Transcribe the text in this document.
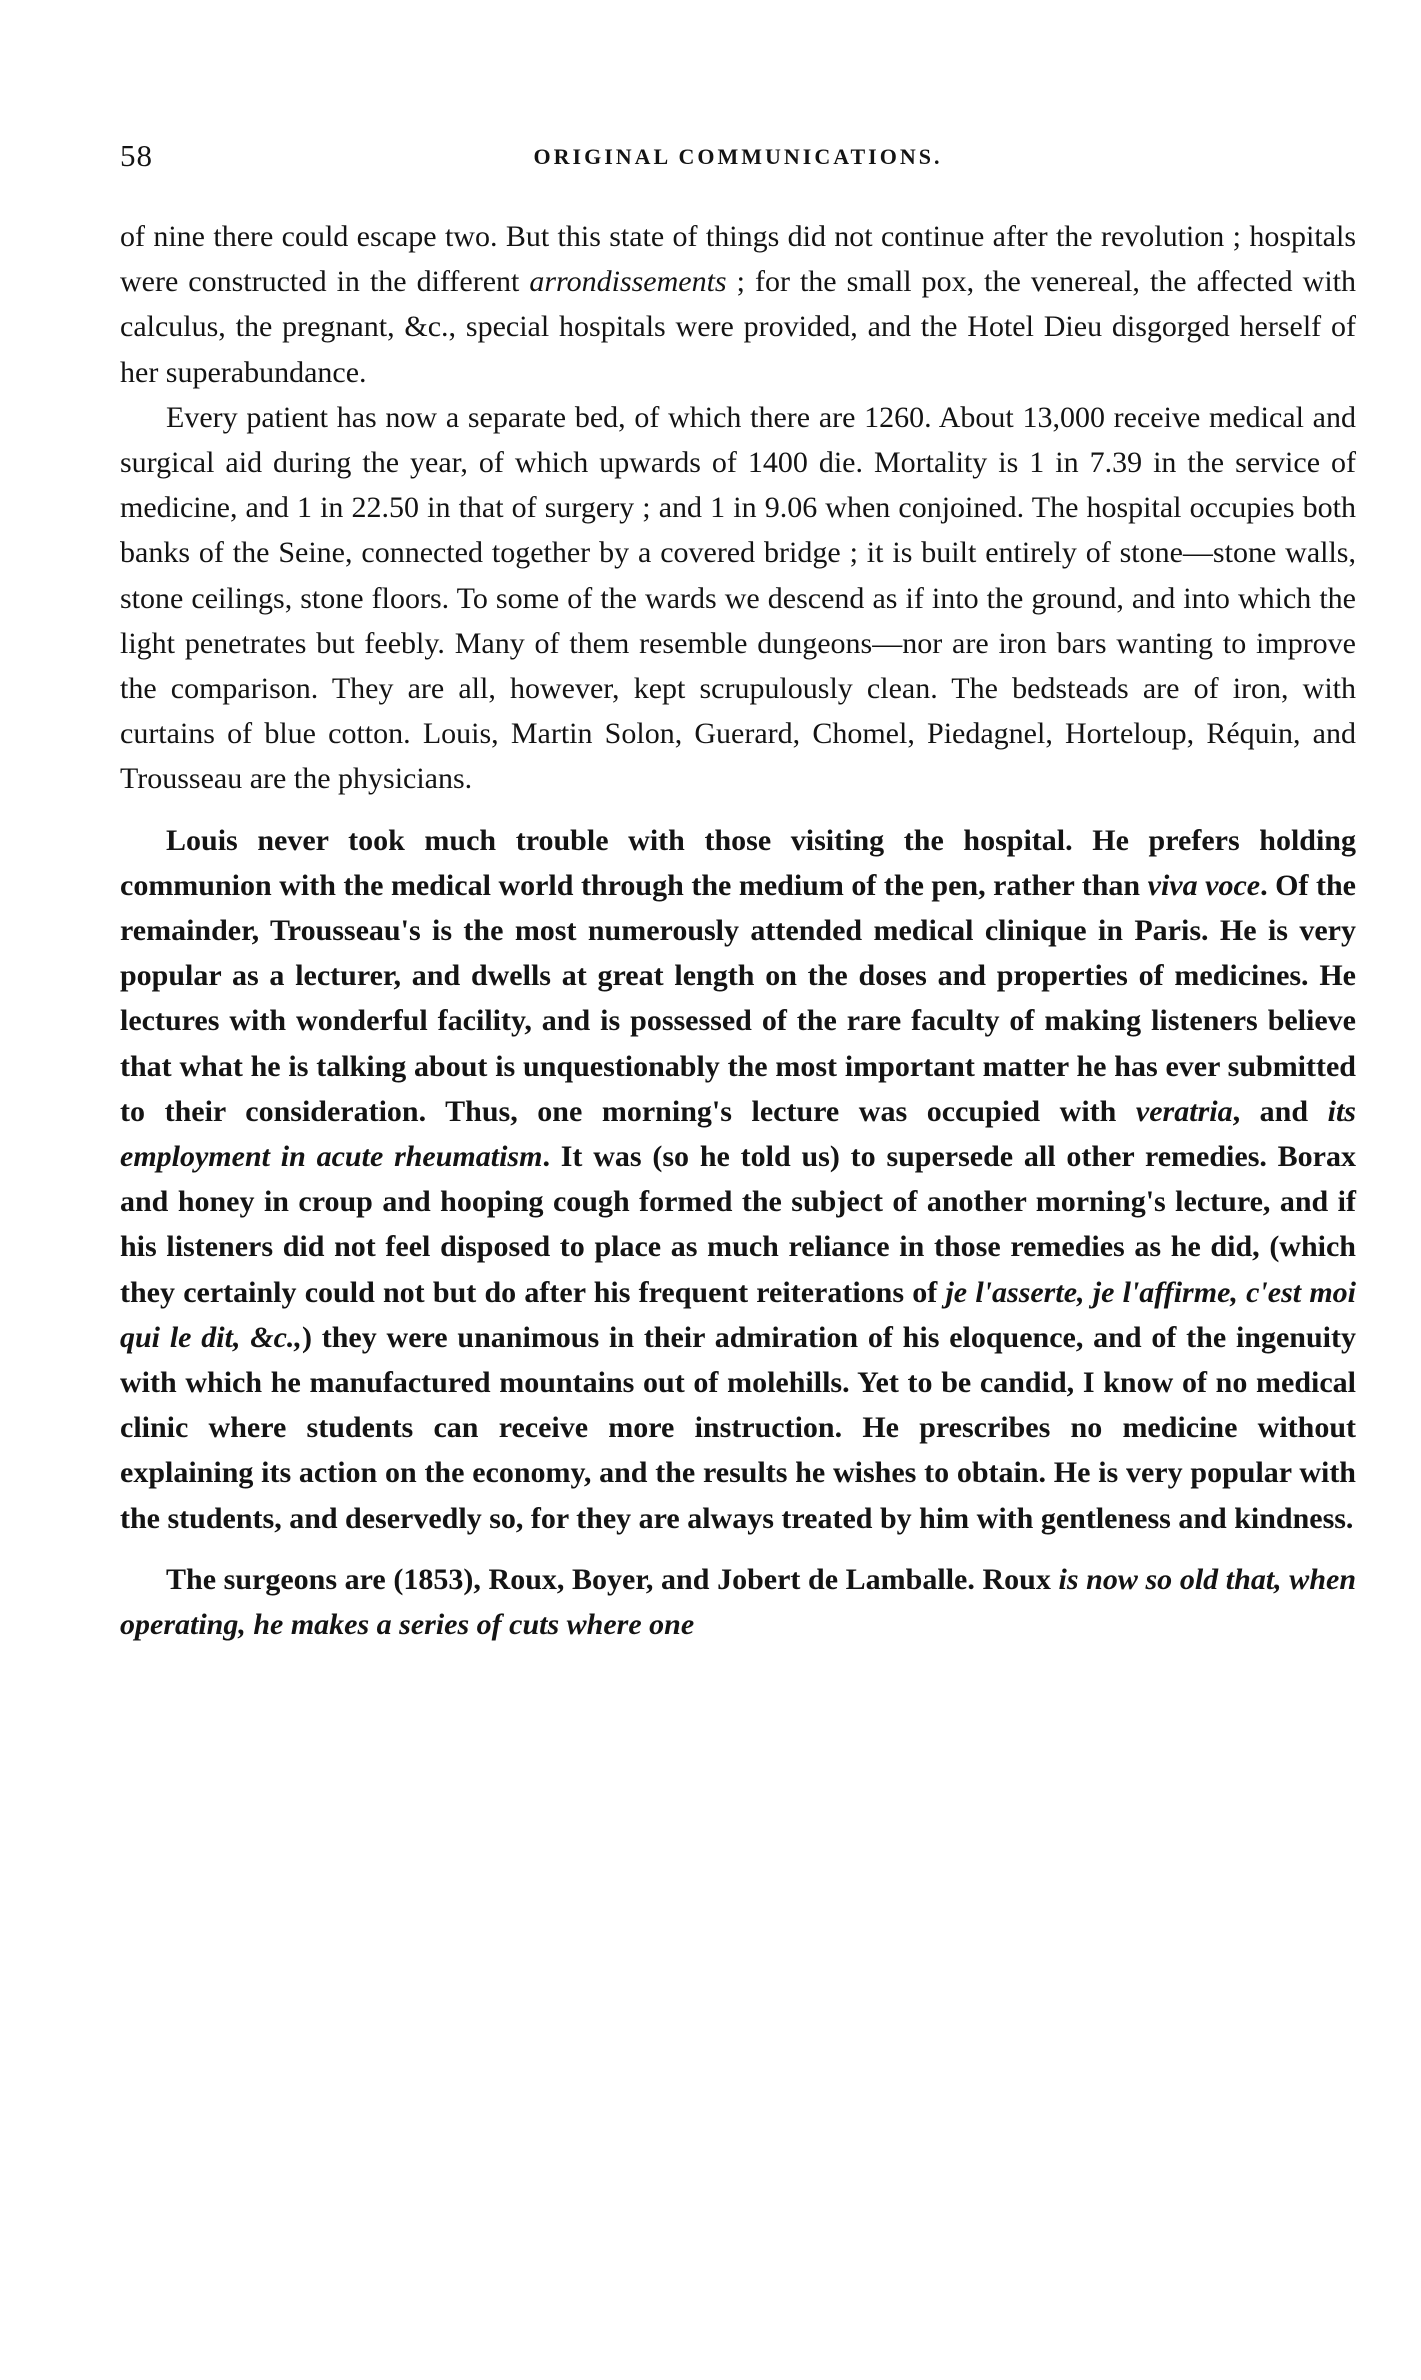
58	ORIGINAL COMMUNICATIONS.

of nine there could escape two. But this state of things did not continue after the revolution ; hospitals were constructed in the different arrondissements ; for the small pox, the venereal, the affected with calculus, the pregnant, &c., special hospitals were provided, and the Hotel Dieu disgorged herself of her superabundance.

Every patient has now a separate bed, of which there are 1260. About 13,000 receive medical and surgical aid during the year, of which upwards of 1400 die. Mortality is 1 in 7.39 in the service of medicine, and 1 in 22.50 in that of surgery ; and 1 in 9.06 when conjoined. The hospital occupies both banks of the Seine, connected together by a covered bridge ; it is built entirely of stone—stone walls, stone ceilings, stone floors. To some of the wards we descend as if into the ground, and into which the light penetrates but feebly. Many of them resemble dungeons—nor are iron bars wanting to improve the comparison. They are all, however, kept scrupulously clean. The bedsteads are of iron, with curtains of blue cotton. Louis, Martin Solon, Guerard, Chomel, Piedagnel, Horteloup, Réquin, and Trousseau are the physicians.

Louis never took much trouble with those visiting the hospital. He prefers holding communion with the medical world through the medium of the pen, rather than viva voce. Of the remainder, Trousseau's is the most numerously attended medical clinique in Paris. He is very popular as a lecturer, and dwells at great length on the doses and properties of medicines. He lectures with wonderful facility, and is possessed of the rare faculty of making listeners believe that what he is talking about is unquestionably the most important matter he has ever submitted to their consideration. Thus, one morning's lecture was occupied with veratria, and its employment in acute rheumatism. It was (so he told us) to supersede all other remedies. Borax and honey in croup and hooping cough formed the subject of another morning's lecture, and if his listeners did not feel disposed to place as much reliance in those remedies as he did, (which they certainly could not but do after his frequent reiterations of je l'asserte, je l'affirme, c'est moi qui le dit, &c.,) they were unanimous in their admiration of his eloquence, and of the ingenuity with which he manufactured mountains out of molehills. Yet to be candid, I know of no medical clinic where students can receive more instruction. He prescribes no medicine without explaining its action on the economy, and the results he wishes to obtain. He is very popular with the students, and deservedly so, for they are always treated by him with gentleness and kindness.

The surgeons are (1853), Roux, Boyer, and Jobert de Lamballe. Roux is now so old that, when operating, he makes a series of cuts where one
